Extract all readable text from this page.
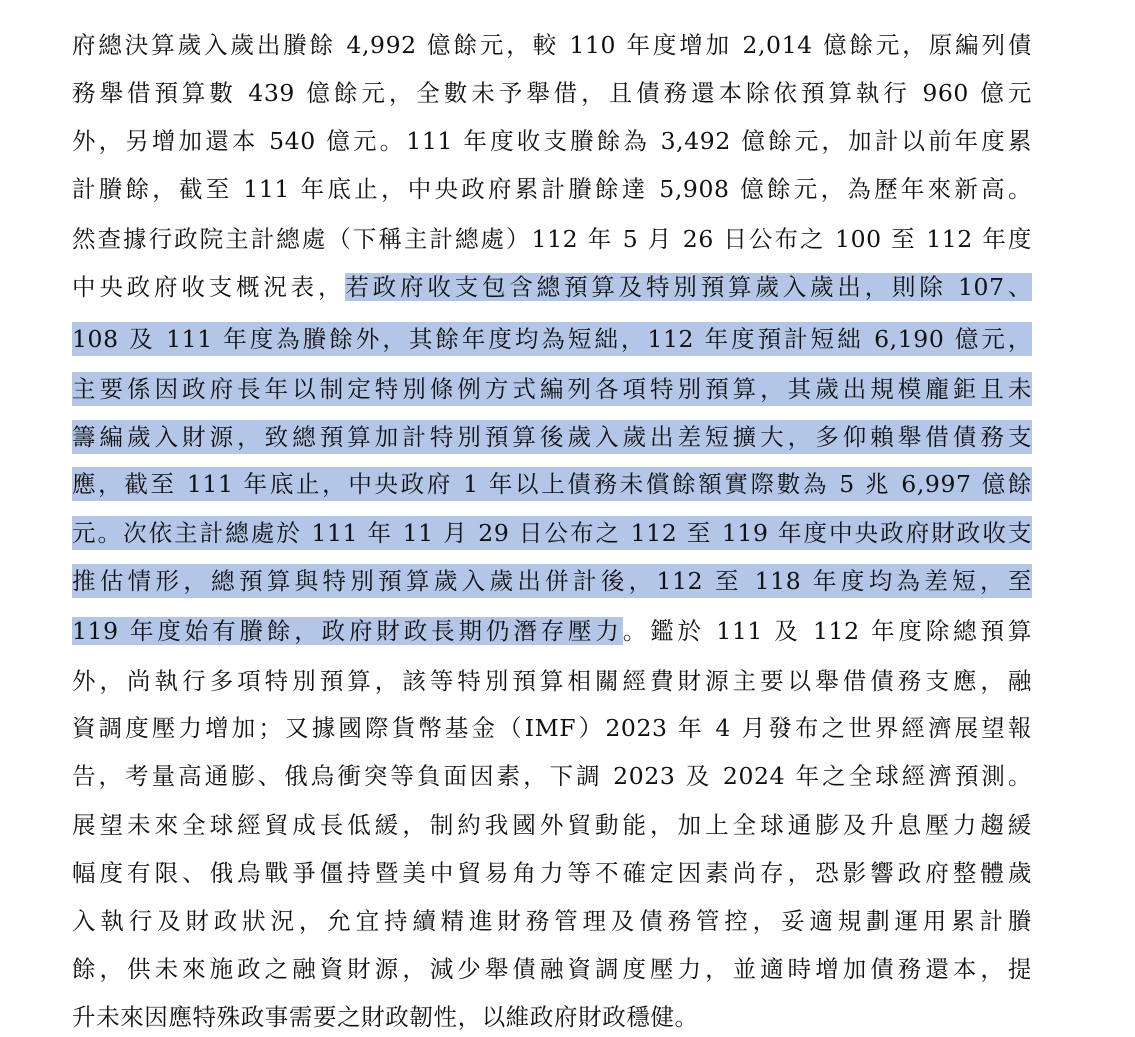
府總決算歲入歲出賸餘 4,992 億餘元，較 110 年度增加 2,014 億餘元，原編列債
務舉借預算數 439 億餘元，全數未予舉借，且債務還本除依預算執行 960 億元
外，另增加還本 540 億元。111 年度收支賸餘為 3,492 億餘元，加計以前年度累
計賸餘，截至 111 年底止，中央政府累計賸餘達 5,908 億餘元，為歷年來新高。
然查據行政院主計總處（下稱主計總處）112 年 5 月 26 日公布之 100 至 112 年度
中央政府收支概況表，若政府收支包含總預算及特別預算歲入歲出，則除 107、
108 及 111 年度為賸餘外，其餘年度均為短絀，112 年度預計短絀 6,190 億元，
主要係因政府長年以制定特別條例方式編列各項特別預算，其歲出規模龐鉅且未
籌編歲入財源，致總預算加計特別預算後歲入歲出差短擴大，多仰賴舉借債務支
應，截至 111 年底止，中央政府 1 年以上債務未償餘額實際數為 5 兆 6,997 億餘
元。次依主計總處於 111 年 11 月 29 日公布之 112 至 119 年度中央政府財政收支
推估情形，總預算與特別預算歲入歲出併計後，112 至 118 年度均為差短，至
119 年度始有賸餘，政府財政長期仍潛存壓力。鑑於 111 及 112 年度除總預算
外，尚執行多項特別預算，該等特別預算相關經費財源主要以舉借債務支應，融
資調度壓力增加；又據國際貨幣基金（IMF）2023 年 4 月發布之世界經濟展望報
告，考量高通膨、俄烏衝突等負面因素，下調 2023 及 2024 年之全球經濟預測。
展望未來全球經貿成長低緩，制約我國外貿動能，加上全球通膨及升息壓力趨緩
幅度有限、俄烏戰爭僵持暨美中貿易角力等不確定因素尚存，恐影響政府整體歲
入執行及財政狀況，允宜持續精進財務管理及債務管控，妥適規劃運用累計賸
餘，供未來施政之融資財源，減少舉債融資調度壓力，並適時增加債務還本，提
升未來因應特殊政事需要之財政韌性，以維政府財政穩健。
